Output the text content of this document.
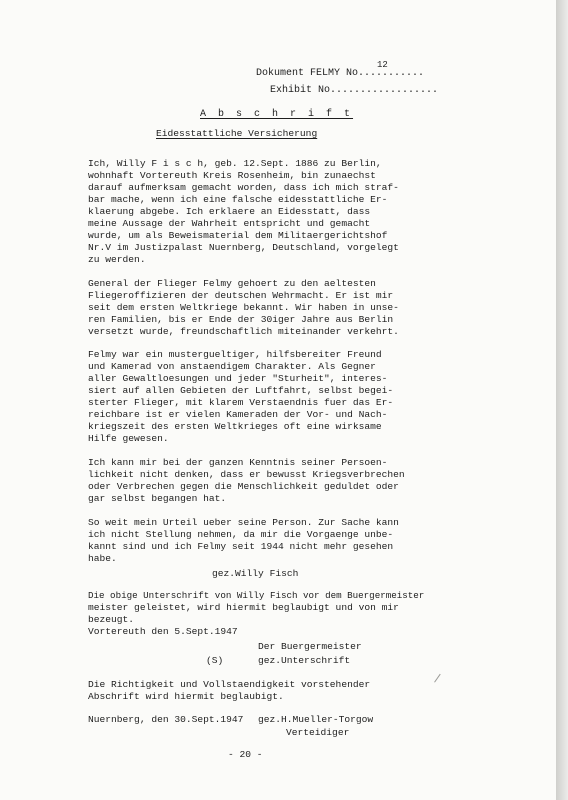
12
Dokument FELMY No...........
Exhibit No..................
A b s c h r i f t
Eidesstattliche Versicherung
Ich, Willy F i s c h, geb. 12.Sept. 1886 zu Berlin,
wohnhaft Vortereuth Kreis Rosenheim, bin zunaechst
darauf aufmerksam gemacht worden, dass ich mich straf-
bar mache, wenn ich eine falsche eidesstattliche Er-
klaerung abgebe. Ich erklaere an Eidesstatt, dass
meine Aussage der Wahrheit entspricht und gemacht
wurde, um als Beweismaterial dem Militaergerichtshof
Nr.V im Justizpalast Nuernberg, Deutschland, vorgelegt
zu werden.
General der Flieger Felmy gehoert zu den aeltesten
Fliegeroffizieren der deutschen Wehrmacht. Er ist mir
seit dem ersten Weltkriege bekannt. Wir haben in unse-
ren Familien, bis er Ende der 30iger Jahre aus Berlin
versetzt wurde, freundschaftlich miteinander verkehrt.
Felmy war ein mustergueltiger, hilfsbereiter Freund
und Kamerad von anstaendigem Charakter. Als Gegner
aller Gewaltloesungen und jeder "Sturheit", interes-
siert auf allen Gebieten der Luftfahrt, selbst begei-
sterter Flieger, mit klarem Verstaendnis fuer das Er-
reichbare ist er vielen Kameraden der Vor- und Nach-
kriegszeit des ersten Weltkrieges oft eine wirksame
Hilfe gewesen.
Ich kann mir bei der ganzen Kenntnis seiner Persoen-
lichkeit nicht denken, dass er bewusst Kriegsverbrechen
oder Verbrechen gegen die Menschlichkeit geduldet oder
gar selbst begangen hat.
So weit mein Urteil ueber seine Person. Zur Sache kann
ich nicht Stellung nehmen, da mir die Vorgaenge unbe-
kannt sind und ich Felmy seit 1944 nicht mehr gesehen
habe.
gez.Willy Fisch
Die obige Unterschrift von Willy Fisch vor dem Buergermeister
meister geleistet, wird hiermit beglaubigt und von mir
bezeugt.
Vortereuth den 5.Sept.1947
Der Buergermeister
(S)	gez.Unterschrift
Die Richtigkeit und Vollstaendigkeit vorstehender
Abschrift wird hiermit beglaubigt.
Nuernberg, den 30.Sept.1947 gez.H.Mueller-Torgow
Verteidiger
- 20 -
